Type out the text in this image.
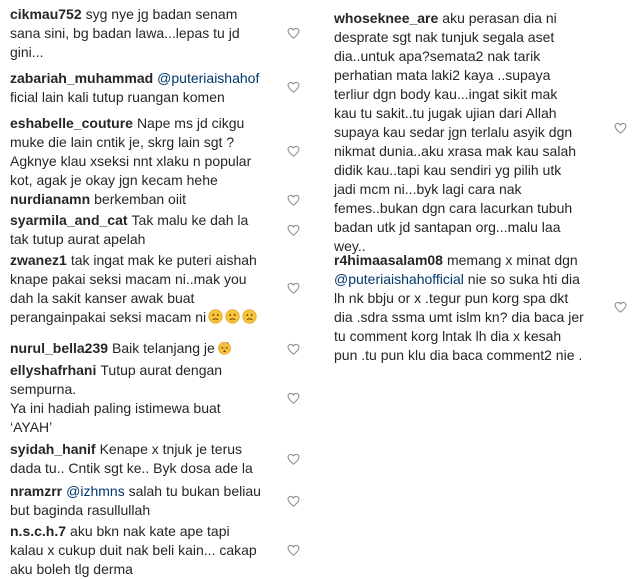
cikmau752 syg nye jg badan senam
sana sini, bg badan lawa...lepas tu jd
gini...
zabariah_muhammad @puteriaishahof
ficial lain kali tutup ruangan komen
eshabelle_couture Nape ms jd cikgu
muke die lain cntik je, skrg lain sgt ?
Agknye klau xseksi nnt xlaku n popular
kot, agak je okay jgn kecam hehe
nurdianamn berkemban oiit
syarmila_and_cat Tak malu ke dah la
tak tutup aurat apelah
zwanez1 tak ingat mak ke puteri aishah
knape pakai seksi macam ni..mak you
dah la sakit kanser awak buat
perangainpakai seksi macam ni
nurul_bella239 Baik telanjang je z
ellyshafrhani Tutup aurat dengan
sempurna.
Ya ini hadiah paling istimewa buat
‘AYAH’
syidah_hanif Kenape x tnjuk je terus
dada tu.. Cntik sgt ke.. Byk dosa ade la
nramzrr @izhmns salah tu bukan beliau
but baginda rasullullah
n.s.c.h.7 aku bkn nak kate ape tapi
kalau x cukup duit nak beli kain... cakap
aku boleh tlg derma
whoseknee_are aku perasan dia ni
desprate sgt nak tunjuk segala aset
dia..untuk apa?semata2 nak tarik
perhatian mata laki2 kaya ..supaya
terliur dgn body kau...ingat sikit mak
kau tu sakit..tu jugak ujian dari Allah
supaya kau sedar jgn terlalu asyik dgn
nikmat dunia..aku xrasa mak kau salah
didik kau..tapi kau sendiri yg pilih utk
jadi mcm ni...byk lagi cara nak
femes..bukan dgn cara lacurkan tubuh
badan utk jd santapan org...malu laa
wey..
r4himaasalam08 memang x minat dgn
@puteriaishahofficial nie so suka hti dia
lh nk bbju or x .tegur pun korg spa dkt
dia .sdra ssma umt islm kn? dia baca jer
tu comment korg lntak lh dia x kesah
pun .tu pun klu dia baca comment2 nie .
